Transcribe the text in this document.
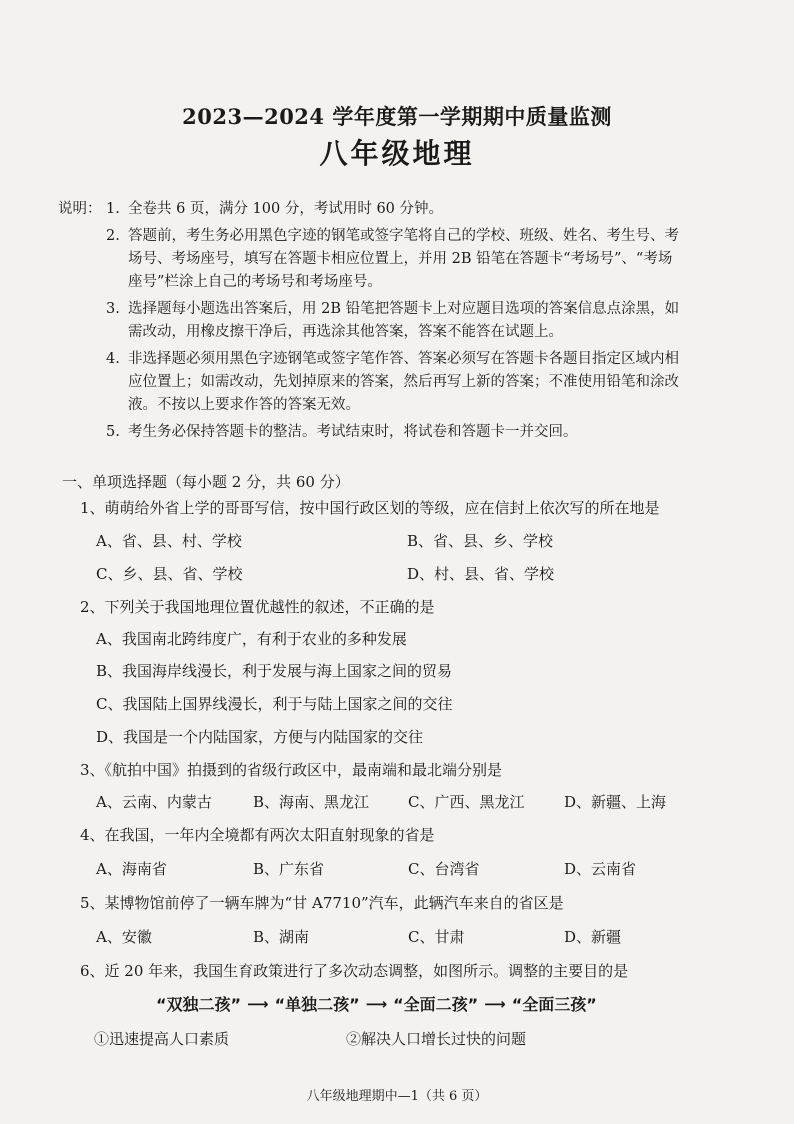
2023—2024 学年度第一学期期中质量监测
八年级地理
说明： 1. 全卷共 6 页，满分 100 分，考试用时 60 分钟。
2. 答题前，考生务必用黑色字迹的钢笔或签字笔将自己的学校、班级、姓名、考生号、考
场号、考场座号，填写在答题卡相应位置上，并用 2B 铅笔在答题卡“考场号”、“考场
座号”栏涂上自己的考场号和考场座号。
3. 选择题每小题选出答案后，用 2B 铅笔把答题卡上对应题目选项的答案信息点涂黑，如
需改动，用橡皮擦干净后，再选涂其他答案，答案不能答在试题上。
4. 非选择题必须用黑色字迹钢笔或签字笔作答、答案必须写在答题卡各题目指定区域内相
应位置上；如需改动，先划掉原来的答案，然后再写上新的答案；不准使用铅笔和涂改
液。不按以上要求作答的答案无效。
5. 考生务必保持答题卡的整洁。考试结束时，将试卷和答题卡一并交回。
一、单项选择题（每小题 2 分，共 60 分）
1、萌萌给外省上学的哥哥写信，按中国行政区划的等级，应在信封上依次写的所在地是
A、省、县、村、学校	B、省、县、乡、学校
C、乡、县、省、学校	D、村、县、省、学校
2、下列关于我国地理位置优越性的叙述，不正确的是
A、我国南北跨纬度广，有利于农业的多种发展
B、我国海岸线漫长，利于发展与海上国家之间的贸易
C、我国陆上国界线漫长，利于与陆上国家之间的交往
D、我国是一个内陆国家，方便与内陆国家的交往
3、《航拍中国》拍摄到的省级行政区中，最南端和最北端分别是
A、云南、内蒙古	B、海南、黑龙江	C、广西、黑龙江	D、新疆、上海
4、在我国，一年内全境都有两次太阳直射现象的省是
A、海南省	B、广东省	C、台湾省	D、云南省
5、某博物馆前停了一辆车牌为“甘 A7710”汽车，此辆汽车来自的省区是
A、安徽	B、湖南	C、甘肃	D、新疆
6、近 20 年来，我国生育政策进行了多次动态调整，如图所示。调整的主要目的是
“双独二孩” ⟶ “单独二孩” ⟶ “全面二孩” ⟶ “全面三孩”
①迅速提高人口素质	②解决人口增长过快的问题
八年级地理期中—1（共 6 页）
